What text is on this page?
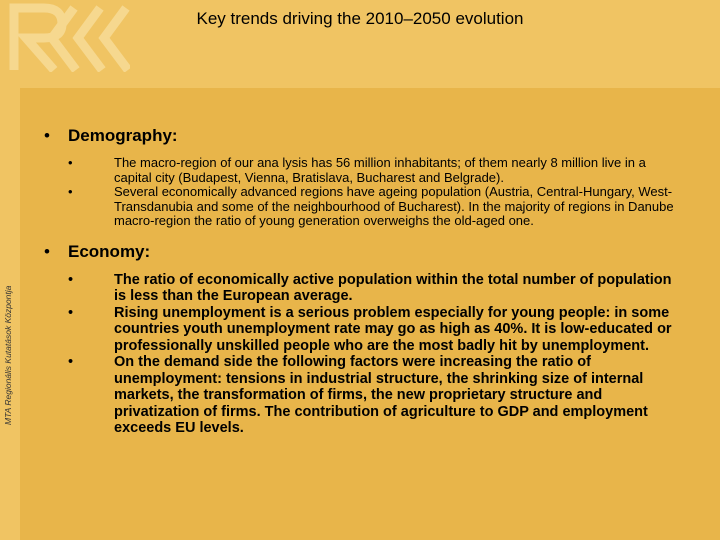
Key trends driving the 2010–2050 evolution
MTA Regionális Kutatások Központja
•	Demography:
•	The macro-region of our ana lysis has 56 million inhabitants; of them nearly 8 million live in a capital city (Budapest, Vienna, Bratislava, Bucharest and Belgrade).
•	Several economically advanced regions have ageing population (Austria, Central-Hungary, West-Transdanubia and some of the neighbourhood of Bucharest). In the majority of regions in Danube macro-region the ratio of young generation overweighs the old-aged one.
•	Economy:
•	The ratio of economically active population within the total number of population is less than the European average.
•	Rising unemployment is a serious problem especially for young people: in some countries youth unemployment rate may go as high as 40%. It is low-educated or professionally unskilled people who are the most badly hit by unemployment.
•	On the demand side the following factors were increasing the ratio of unemployment: tensions in industrial structure, the shrinking size of internal markets, the transformation of firms, the new proprietary structure and privatization of firms. The contribution of agriculture to GDP and employment exceeds EU levels.
